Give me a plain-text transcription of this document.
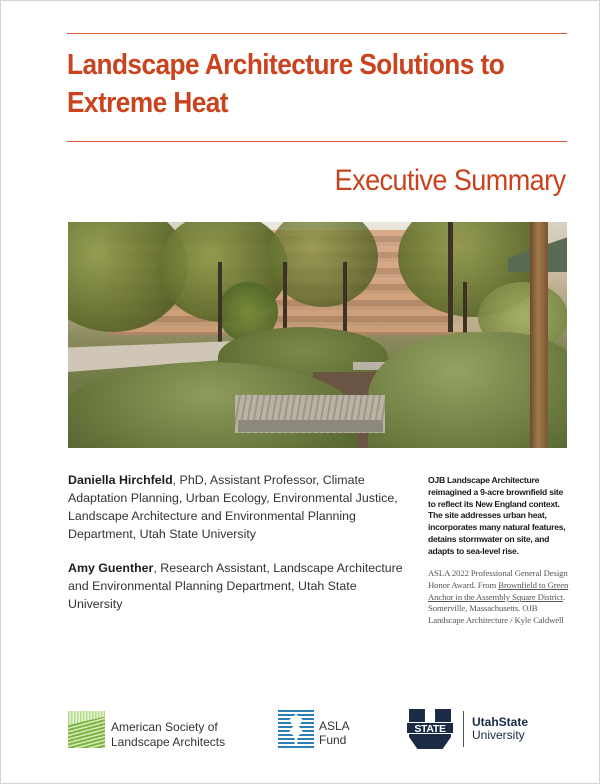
Landscape Architecture Solutions to Extreme Heat
Executive Summary

Daniella Hirchfeld, PhD, Assistant Professor, Climate Adaptation Planning, Urban Ecology, Environmental Justice, Landscape Architecture and Environmental Planning Department, Utah State University

Amy Guenther, Research Assistant, Landscape Architecture and Environmental Planning Department, Utah State University

OJB Landscape Architecture reimagined a 9-acre brownfield site to reflect its New England context. The site addresses urban heat, incorporates many natural features, detains stormwater on site, and adapts to sea-level rise.

ASLA 2022 Professional General Design Honor Award. From Brownfield to Green Anchor in the Assembly Square District. Somerville, Massachusetts. OJB Landscape Architecture / Kyle Caldwell

American Society of
Landscape Architects
ASLA
Fund
STATE	UtahState
University
